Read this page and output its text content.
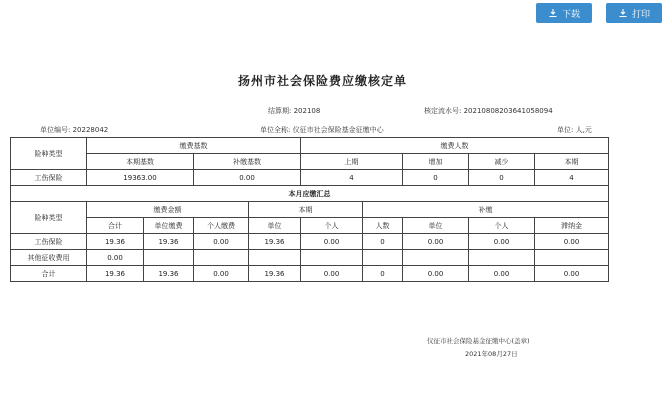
下载	打印
扬州市社会保险费应缴核定单
结算期: 202108	核定流水号: 20210808203641058094
单位编号: 20228042	单位全称: 仪征市社会保险基金征缴中心	单位: 人,元
险种类型	缴费基数				缴费人数				
	本期基数		补缴基数		上期		增加	减少	本期
工伤保险	19363.00		0.00		4		0	0	4
本月应缴汇总									
险种类型	缴费金额			本期		补缴			
	合计	单位缴费	个人缴费	单位	个人	人数	单位	个人	滞纳金
工伤保险	19.36	19.36	0.00	19.36	0.00	0	0.00	0.00	0.00
其他征收费用	0.00								
合计	19.36	19.36	0.00	19.36	0.00	0	0.00	0.00	0.00
仪征市社会保险基金征缴中心(盖章)
2021年08月27日
